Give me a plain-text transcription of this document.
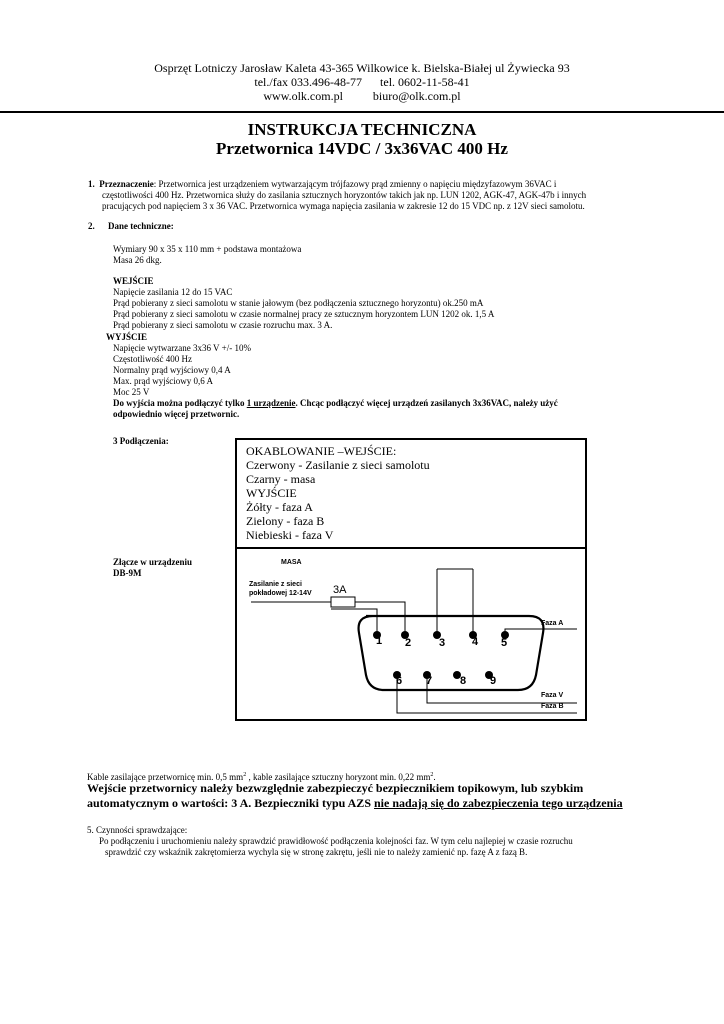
Osprzęt Lotniczy Jarosław Kaleta 43-365 Wilkowice k. Bielska-Białej ul Żywiecka 93
tel./fax 033.496-48-77 tel. 0602-11-58-41
www.olk.com.pl	biuro@olk.com.pl
INSTRUKCJA TECHNICZNA
Przetwornica 14VDC / 3x36VAC 400 Hz
1. Przeznaczenie: Przetwornica jest urządzeniem wytwarzającym trójfazowy prąd zmienny o napięciu międzyfazowym 36VAC i
częstotliwości 400 Hz. Przetwornica służy do zasilania sztucznych horyzontów takich jak np. LUN 1202, AGK-47, AGK-47b i innych
pracujących pod napięciem 3 x 36 VAC. Przetwornica wymaga napięcia zasilania w zakresie 12 do 15 VDC np. z 12V sieci samolotu.
2. Dane techniczne:
Wymiary 90 x 35 x 110 mm + podstawa montażowa
Masa 26 dkg.
WEJŚCIE
Napięcie zasilania 12 do 15 VAC
Prąd pobierany z sieci samolotu w stanie jałowym (bez podłączenia sztucznego horyzontu) ok.250 mA
Prąd pobierany z sieci samolotu w czasie normalnej pracy ze sztucznym horyzontem LUN 1202 ok. 1,5 A
Prąd pobierany z sieci samolotu w czasie rozruchu max. 3 A.
WYJŚCIE
Napięcie wytwarzane 3x36 V +/- 10%
Częstotliwość 400 Hz
Normalny prąd wyjściowy 0,4 A
Max. prąd wyjściowy 0,6 A
Moc 25 V
Do wyjścia można podłączyć tylko 1 urządzenie. Chcąc podłączyć więcej urządzeń zasilanych 3x36VAC, należy użyć
odpowiednio więcej przetwornic.
3 Podłączenia:
Złącze w urządzeniu
DB-9M
OKABLOWANIE –WEJŚCIE:
Czerwony - Zasilanie z sieci samolotu
Czarny - masa
WYJŚCIE
Żółty - faza A
Zielony - faza B
Niebieski - faza V
MASA
Zasilanie z sieci
pokładowej 12-14V 3A
Faza A
Faza V
Faza B
1 2	3 4 5
6 7	8 9
Kable zasilające przetwornicę min. 0,5 $mm^2$ , kable zasilające sztuczny horyzont min. 0,22 $mm^2$.
Wejście przetwornicy należy bezwzględnie zabezpieczyć bezpiecznikiem topikowym, lub szybkim
automatycznym o wartości: 3 A. Bezpieczniki typu AZS nie nadają się do zabezpieczenia tego urządzenia
5. Czynności sprawdzające:
Po podłączeniu i uruchomieniu należy sprawdzić prawidłowość podłączenia kolejności faz. W tym celu najlepiej w czasie rozruchu
sprawdzić czy wskaźnik zakrętomierza wychyla się w stronę zakrętu, jeśli nie to należy zamienić np. fazę A z fazą B.
